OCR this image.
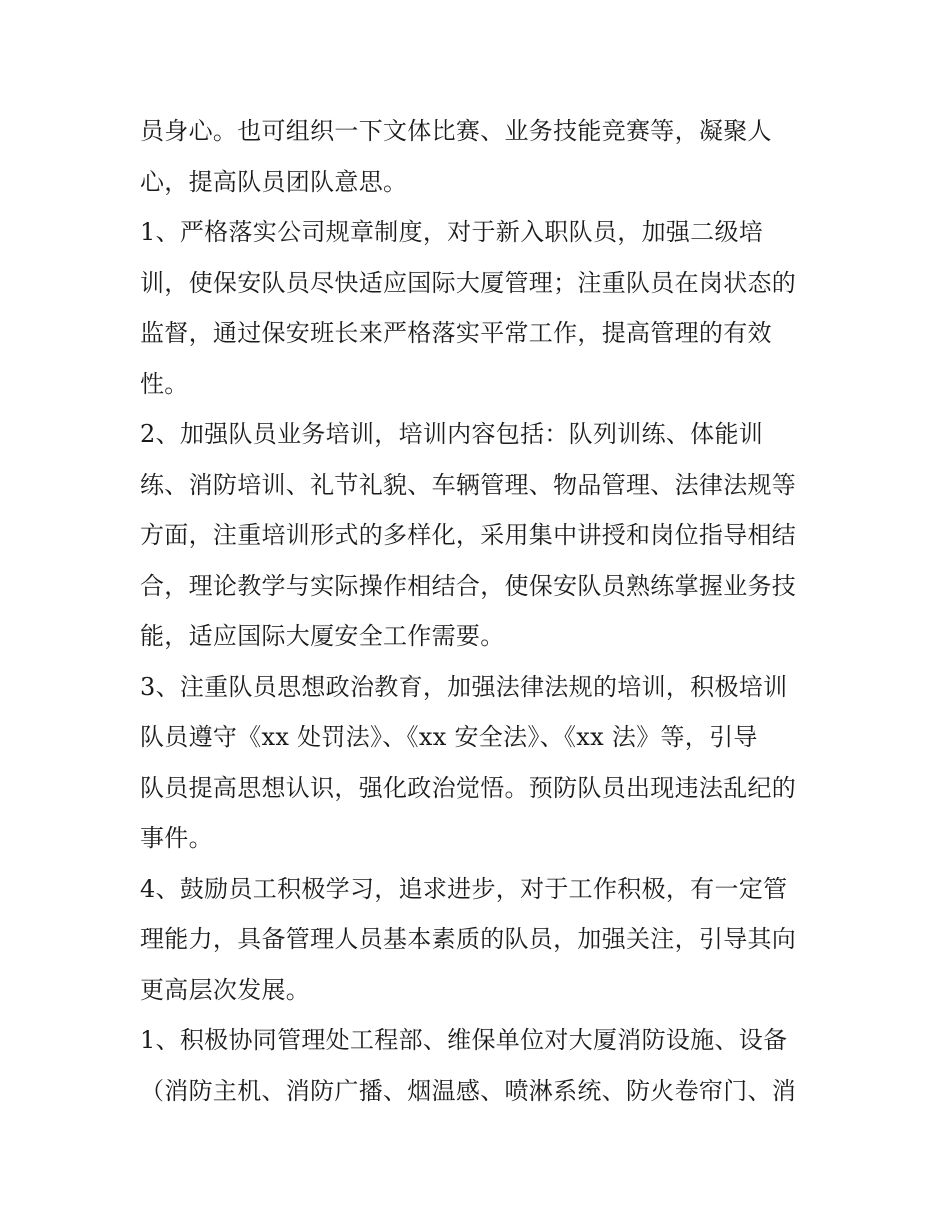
员身心。也可组织一下文体比赛、业务技能竞赛等，凝聚人
心，提高队员团队意思。
1、严格落实公司规章制度，对于新入职队员，加强二级培
训，使保安队员尽快适应国际大厦管理；注重队员在岗状态的
监督，通过保安班长来严格落实平常工作，提高管理的有效
性。
2、加强队员业务培训，培训内容包括：队列训练、体能训
练、消防培训、礼节礼貌、车辆管理、物品管理、法律法规等
方面，注重培训形式的多样化，采用集中讲授和岗位指导相结
合，理论教学与实际操作相结合，使保安队员熟练掌握业务技
能，适应国际大厦安全工作需要。
3、注重队员思想政治教育，加强法律法规的培训，积极培训
队员遵守《xx 处罚法》、《xx 安全法》、《xx 法》等，引导
队员提高思想认识，强化政治觉悟。预防队员出现违法乱纪的
事件。
4、鼓励员工积极学习，追求进步，对于工作积极，有一定管
理能力，具备管理人员基本素质的队员，加强关注，引导其向
更高层次发展。
1、积极协同管理处工程部、维保单位对大厦消防设施、设备
（消防主机、消防广播、烟温感、喷淋系统、防火卷帘门、消
